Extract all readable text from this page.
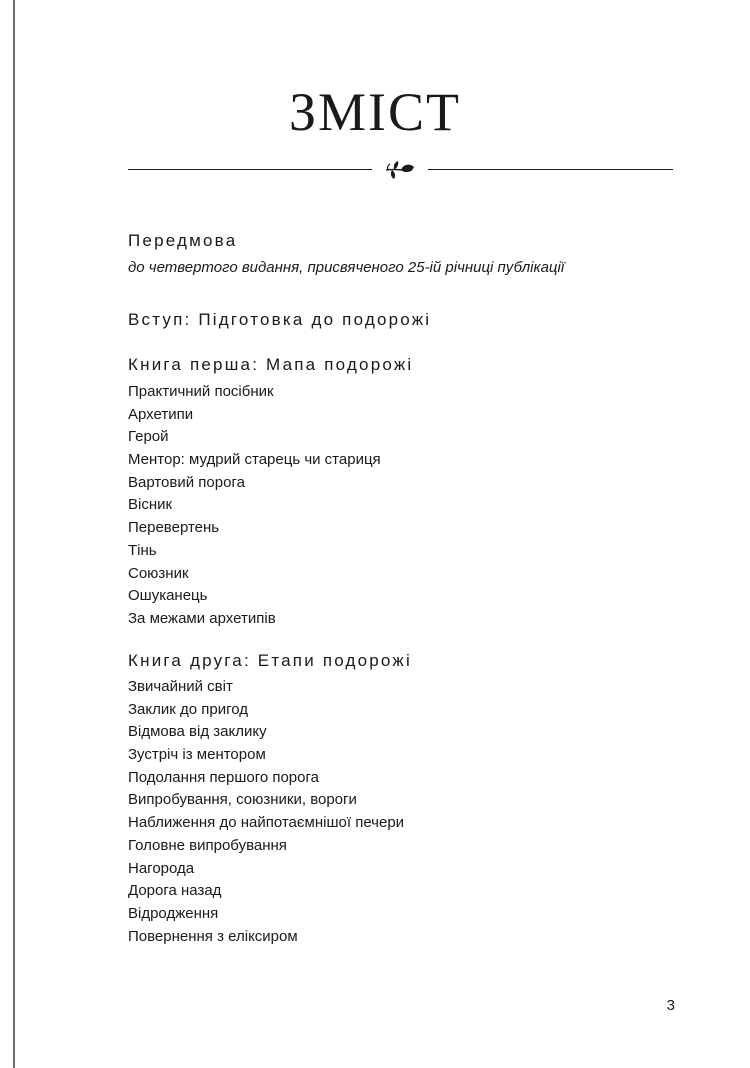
ЗМІСТ
Передмова
до четвертого видання, присвяченого 25-ій річниці публікації
Вступ: Підготовка до подорожі
Книга перша: Мапа подорожі
Практичний посібник
Архетипи
Герой
Ментор: мудрий старець чи стариця
Вартовий порога
Вісник
Перевертень
Тінь
Союзник
Ошуканець
За межами архетипів
Книга друга: Етапи подорожі
Звичайний світ
Заклик до пригод
Відмова від заклику
Зустріч із ментором
Подолання першого порога
Випробування, союзники, вороги
Наближення до найпотаємнішої печери
Головне випробування
Нагорода
Дорога назад
Відродження
Повернення з еліксиром
3
